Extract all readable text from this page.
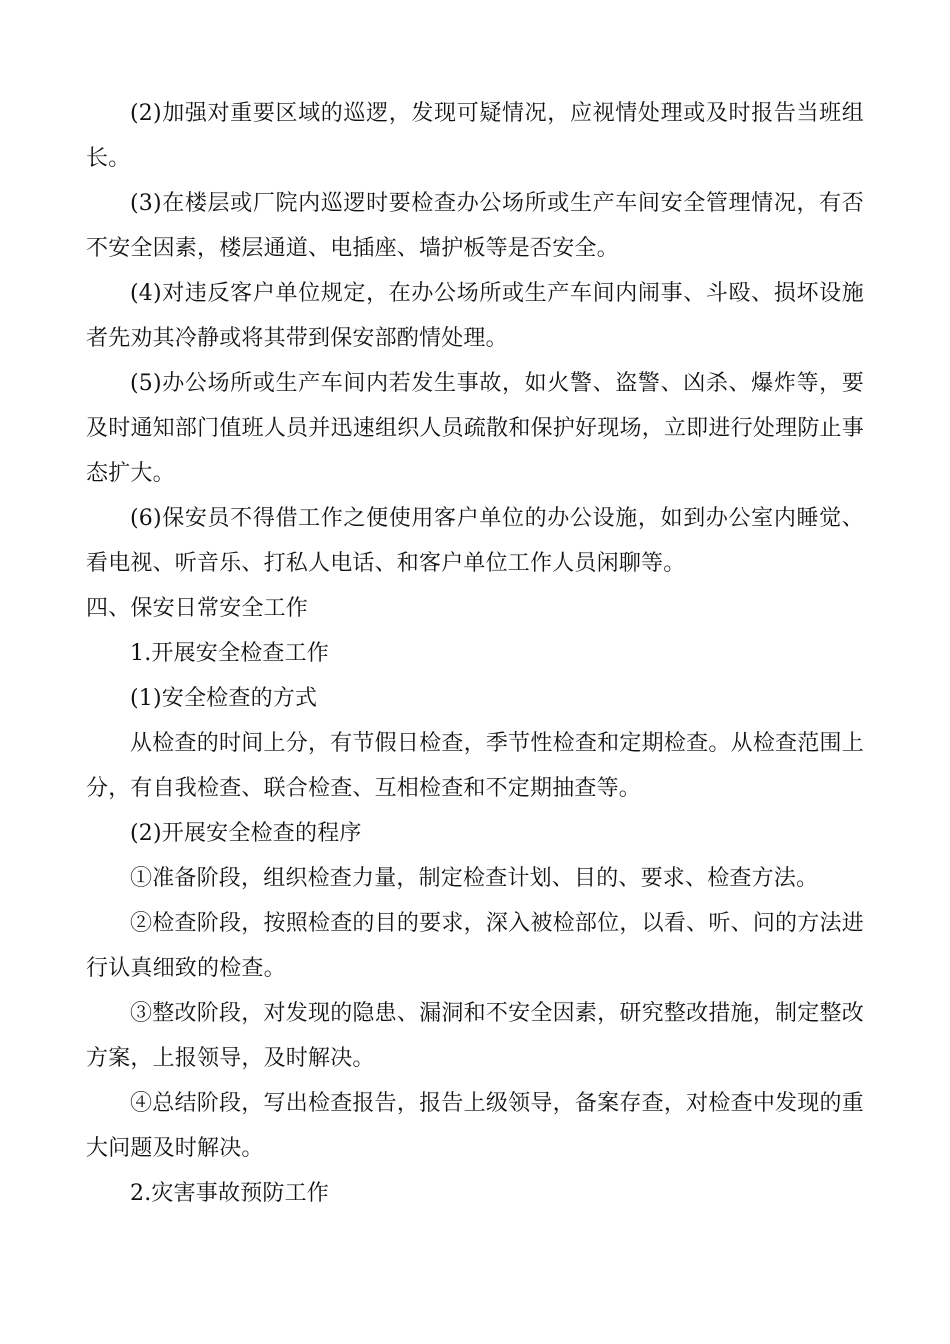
(2)加强对重要区域的巡逻，发现可疑情况，应视情处理或及时报告当班组长。

(3)在楼层或厂院内巡逻时要检查办公场所或生产车间安全管理情况，有否不安全因素，楼层通道、电插座、墙护板等是否安全。

(4)对违反客户单位规定，在办公场所或生产车间内闹事、斗殴、损坏设施者先劝其冷静或将其带到保安部酌情处理。

(5)办公场所或生产车间内若发生事故，如火警、盗警、凶杀、爆炸等，要及时通知部门值班人员并迅速组织人员疏散和保护好现场，立即进行处理防止事态扩大。

(6)保安员不得借工作之便使用客户单位的办公设施，如到办公室内睡觉、看电视、听音乐、打私人电话、和客户单位工作人员闲聊等。

四、保安日常安全工作

1.开展安全检查工作

(1)安全检查的方式

从检查的时间上分，有节假日检查，季节性检查和定期检查。从检查范围上分，有自我检查、联合检查、互相检查和不定期抽查等。

(2)开展安全检查的程序

①准备阶段，组织检查力量，制定检查计划、目的、要求、检查方法。

②检查阶段，按照检查的目的要求，深入被检部位，以看、听、问的方法进行认真细致的检查。

③整改阶段，对发现的隐患、漏洞和不安全因素，研究整改措施，制定整改方案，上报领导，及时解决。

④总结阶段，写出检查报告，报告上级领导，备案存查，对检查中发现的重大问题及时解决。

2.灾害事故预防工作
